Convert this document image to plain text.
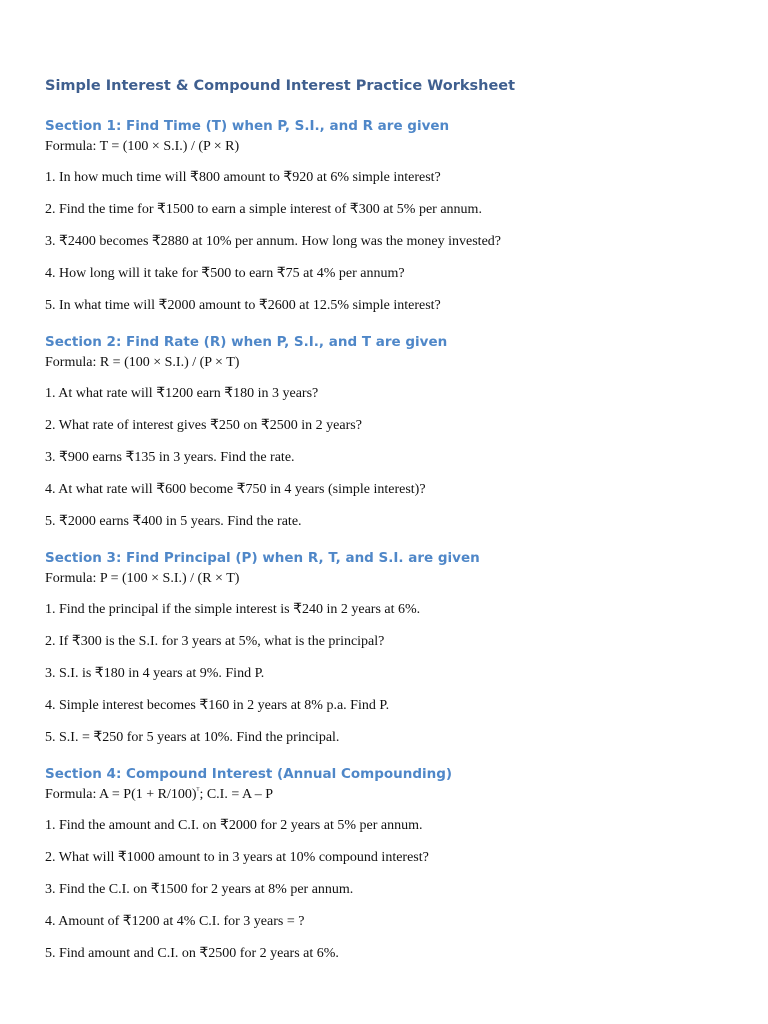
Simple Interest & Compound Interest Practice Worksheet
Section 1: Find Time (T) when P, S.I., and R are given
Formula: T = (100 × S.I.) / (P × R)
1. In how much time will ₹800 amount to ₹920 at 6% simple interest?
2. Find the time for ₹1500 to earn a simple interest of ₹300 at 5% per annum.
3. ₹2400 becomes ₹2880 at 10% per annum. How long was the money invested?
4. How long will it take for ₹500 to earn ₹75 at 4% per annum?
5. In what time will ₹2000 amount to ₹2600 at 12.5% simple interest?
Section 2: Find Rate (R) when P, S.I., and T are given
Formula: R = (100 × S.I.) / (P × T)
1. At what rate will ₹1200 earn ₹180 in 3 years?
2. What rate of interest gives ₹250 on ₹2500 in 2 years?
3. ₹900 earns ₹135 in 3 years. Find the rate.
4. At what rate will ₹600 become ₹750 in 4 years (simple interest)?
5. ₹2000 earns ₹400 in 5 years. Find the rate.
Section 3: Find Principal (P) when R, T, and S.I. are given
Formula: P = (100 × S.I.) / (R × T)
1. Find the principal if the simple interest is ₹240 in 2 years at 6%.
2. If ₹300 is the S.I. for 3 years at 5%, what is the principal?
3. S.I. is ₹180 in 4 years at 9%. Find P.
4. Simple interest becomes ₹160 in 2 years at 8% p.a. Find P.
5. S.I. = ₹250 for 5 years at 10%. Find the principal.
Section 4: Compound Interest (Annual Compounding)
Formula: $A = P(1 + R/100)^ᵀ$; C.I. = A – P
1. Find the amount and C.I. on ₹2000 for 2 years at 5% per annum.
2. What will ₹1000 amount to in 3 years at 10% compound interest?
3. Find the C.I. on ₹1500 for 2 years at 8% per annum.
4. Amount of ₹1200 at 4% C.I. for 3 years = ?
5. Find amount and C.I. on ₹2500 for 2 years at 6%.
